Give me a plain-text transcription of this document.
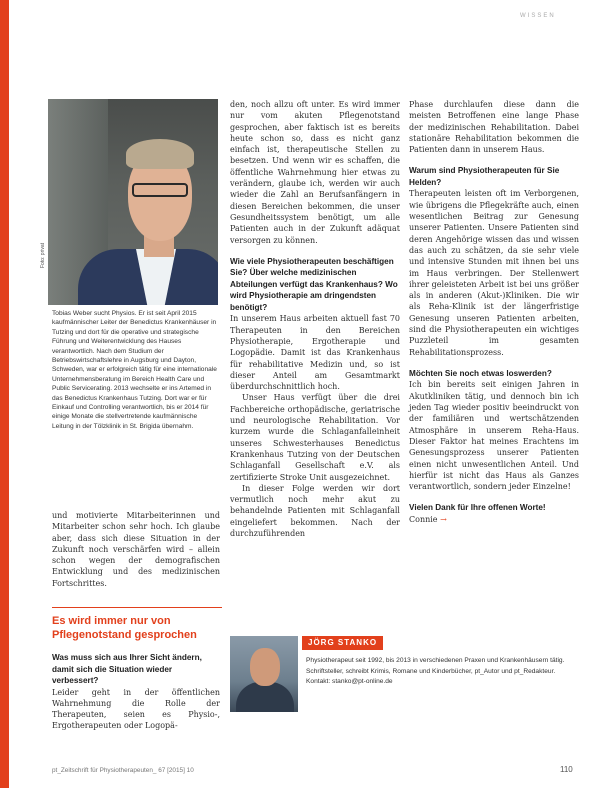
WISSEN
Foto: privat
Tobias Weber sucht Physios. Er ist seit April 2015 kaufmännischer Leiter der Benedictus Krankenhäuser in Tutzing und dort für die operative und strategische Führung und Weiterentwicklung des Hauses verantwortlich. Nach dem Studium der Betriebswirtschaftslehre in Augsburg und Dayton, Schweden, war er erfolgreich tätig für eine internationale Unternehmensberatung im Bereich Health Care und Public Servicerating. 2013 wechselte er ins Artemed in das Benedictus Krankenhaus Tutzing. Dort war er für Einkauf und Controlling verantwortlich, bis er 2014 für einige Monate die stellvertretende kaufmännische Leitung in der Tölzklinik in St. Brigida übernahm.

und motivierte Mitarbeiterinnen und Mitarbeiter schon sehr hoch. Ich glaube aber, dass sich diese Situation in der Zukunft noch verschärfen wird – allein schon wegen der demografischen Entwicklung und des medizinischen Fortschrittes.

Es wird immer nur von Pflegenotstand gesprochen

Was muss sich aus Ihrer Sicht ändern, damit sich die Situation wieder verbessert?

Leider geht in der öffentlichen Wahrnehmung die Rolle der Therapeuten, seien es Physio-, Ergotherapeuten oder Logopä-

den, noch allzu oft unter. Es wird immer nur vom akuten Pflegenotstand gesprochen, aber faktisch ist es bereits heute schon so, dass es nicht ganz einfach ist, therapeutische Stellen zu besetzen. Und wenn wir es schaffen, die öffentliche Wahrnehmung hier etwas zu verändern, glaube ich, werden wir auch wieder die Zahl an Berufsanfängern in diesen Bereichen bekommen, die unser Gesundheitssystem benötigt, um alle Patienten auch in der Zukunft adäquat versorgen zu können.

Wie viele Physiotherapeuten beschäftigen Sie? Über welche medizinischen Abteilungen verfügt das Krankenhaus? Wo wird Physiotherapie am dringendsten benötigt?

In unserem Haus arbeiten aktuell fast 70 Therapeuten in den Bereichen Physiotherapie, Ergotherapie und Logopädie. Damit ist das Krankenhaus für rehabilitative Medizin und, so ist dieser Anteil am Gesamtmarkt überdurchschnittlich hoch.

Unser Haus verfügt über die drei Fachbereiche orthopädische, geriatrische und neurologische Rehabilitation. Vor kurzem wurde die Schlaganfalleinheit unseres Schwesterhauses Benedictus Krankenhaus Tutzing von der Deutschen Schlaganfall Gesellschaft e.V. als zertifizierte Stroke Unit ausgezeichnet.

In dieser Folge werden wir dort vermutlich noch mehr akut zu behandelnde Patienten mit Schlaganfall eingeliefert bekommen. Nach der durchzuführenden

Phase durchlaufen diese dann die meisten Betroffenen eine lange Phase der medizinischen Rehabilitation. Dabei stationäre Rehabilitation bekommen die Patienten dann in unserem Haus.

Warum sind Physiotherapeuten für Sie Helden?

Therapeuten leisten oft im Verborgenen, wie übrigens die Pflegekräfte auch, einen wesentlichen Beitrag zur Genesung unserer Patienten. Unsere Patienten sind deren Angehörige wissen das und wissen das auch zu schätzen, da sie sehr viele und intensive Stunden mit ihnen bei uns im Haus verbringen. Der Stellenwert ihrer geleisteten Arbeit ist bei uns größer als in anderen (Akut-)Kliniken. Die wir als Reha-Klinik ist der längerfristige Genesung unseren Patienten arbeiten, sind die Physiotherapeuten ein wichtiges Puzzleteil im gesamten Rehabilitationsprozess.

Möchten Sie noch etwas loswerden?

Ich bin bereits seit einigen Jahren in Akutkliniken tätig, und dennoch bin ich jeden Tag wieder positiv beeindruckt von der familiären und wertschätzenden Atmosphäre in unserem Reha-Haus. Dieser Faktor hat meines Erachtens im Genesungsprozess unserer Patienten einen nicht unwesentlichen Anteil. Und hierfür ist nicht das Haus als Ganzes verantwortlich, sondern jeder Einzelne!

Vielen Dank für Ihre offenen Worte!

Connie →

JÖRG STANKO
Physiotherapeut seit 1992, bis 2013 in verschiedenen Praxen und Krankenhäusern tätig. Schriftsteller, schreibt Krimis, Romane und Kinderbücher, pt_Autor und pt_Redakteur.
Kontakt: stanko@pt-online.de
pt_Zeitschrift für Physiotherapeuten_ 67 [2015] 10	110
